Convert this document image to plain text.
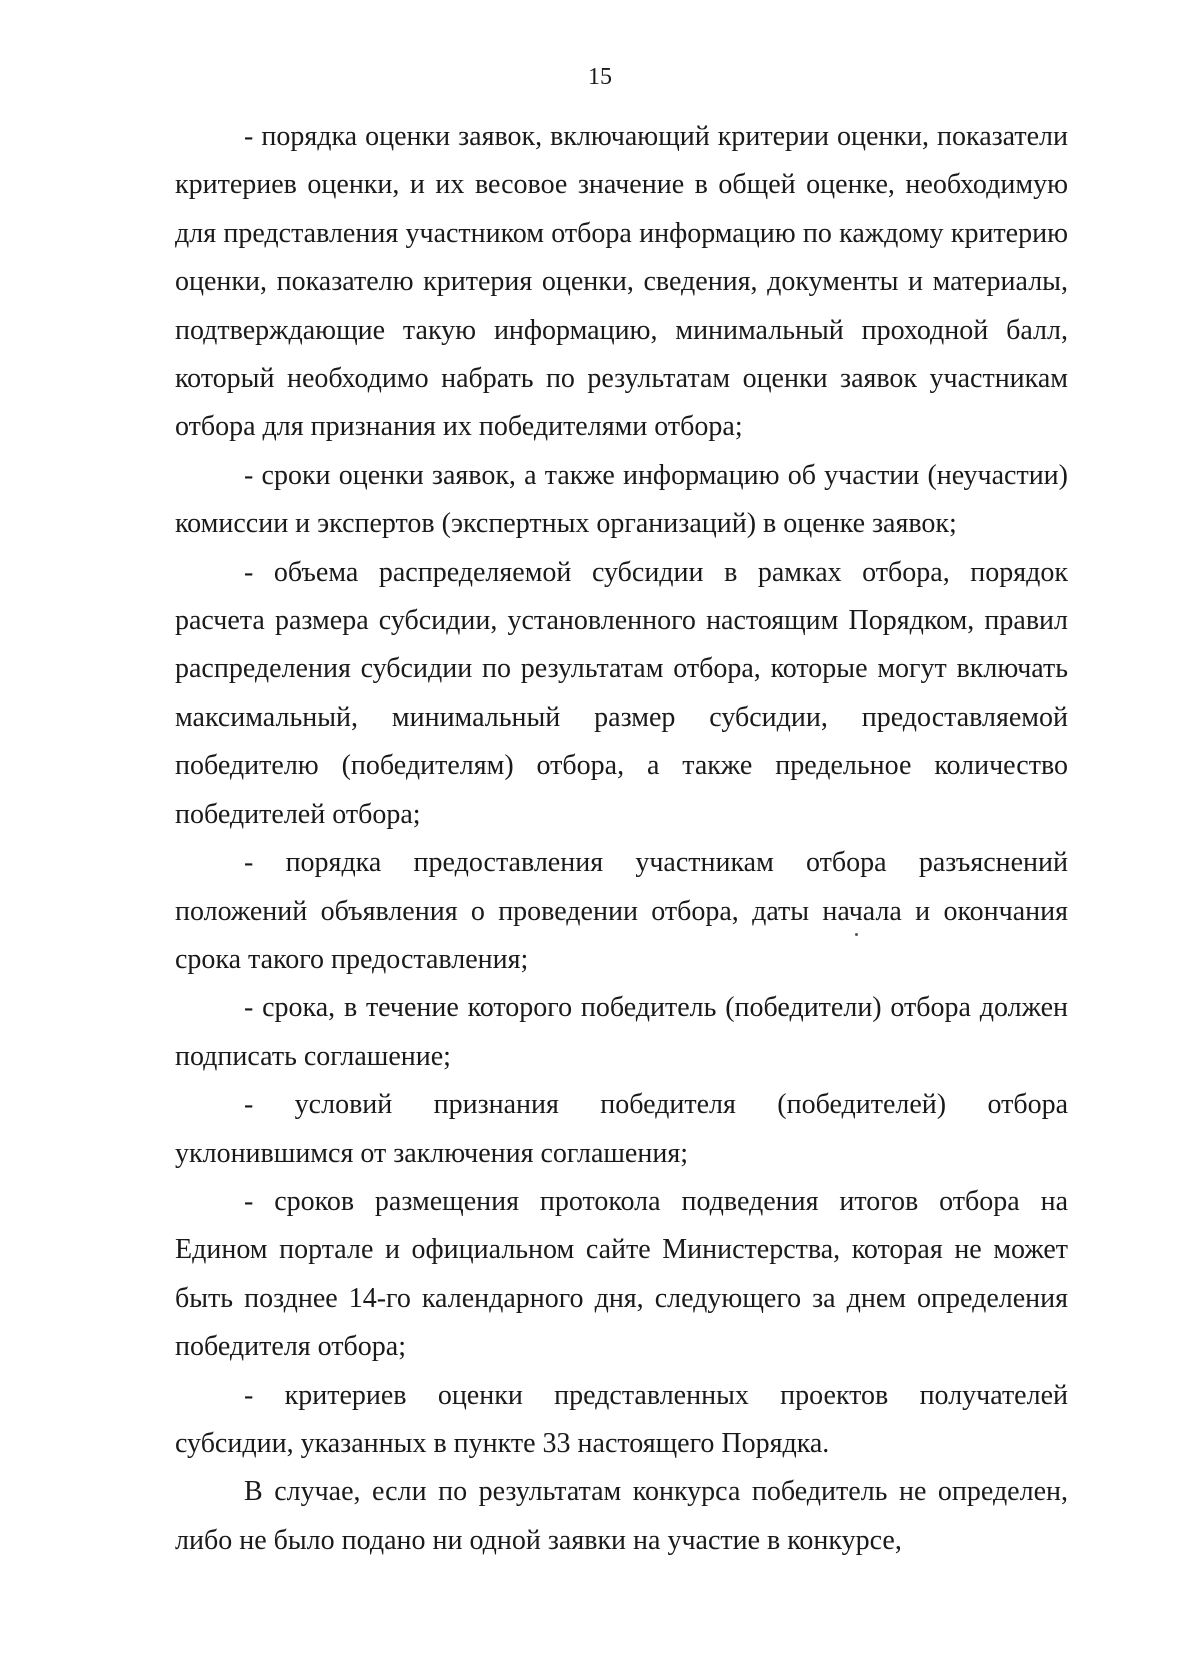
15

- порядка оценки заявок, включающий критерии оценки, показатели критериев оценки, и их весовое значение в общей оценке, необходимую для представления участником отбора информацию по каждому критерию оценки, показателю критерия оценки, сведения, документы и материалы, подтверждающие такую информацию, минимальный проходной балл, который необходимо набрать по результатам оценки заявок участникам отбора для признания их победителями отбора;

- сроки оценки заявок, а также информацию об участии (неучастии) комиссии и экспертов (экспертных организаций) в оценке заявок;

- объема распределяемой субсидии в рамках отбора, порядок расчета размера субсидии, установленного настоящим Порядком, правил распределения субсидии по результатам отбора, которые могут включать максимальный, минимальный размер субсидии, предоставляемой победителю (победителям) отбора, а также предельное количество победителей отбора;

- порядка предоставления участникам отбора разъяснений положений объявления о проведении отбора, даты начала и окончания срока такого предоставления;

- срока, в течение которого победитель (победители) отбора должен подписать соглашение;

- условий признания победителя (победителей) отбора уклонившимся от заключения соглашения;

- сроков размещения протокола подведения итогов отбора на Едином портале и официальном сайте Министерства, которая не может быть позднее 14-го календарного дня, следующего за днем определения победителя отбора;

- критериев оценки представленных проектов получателей субсидии, указанных в пункте 33 настоящего Порядка.

В случае, если по результатам конкурса победитель не определен, либо не было подано ни одной заявки на участие в конкурсе,
